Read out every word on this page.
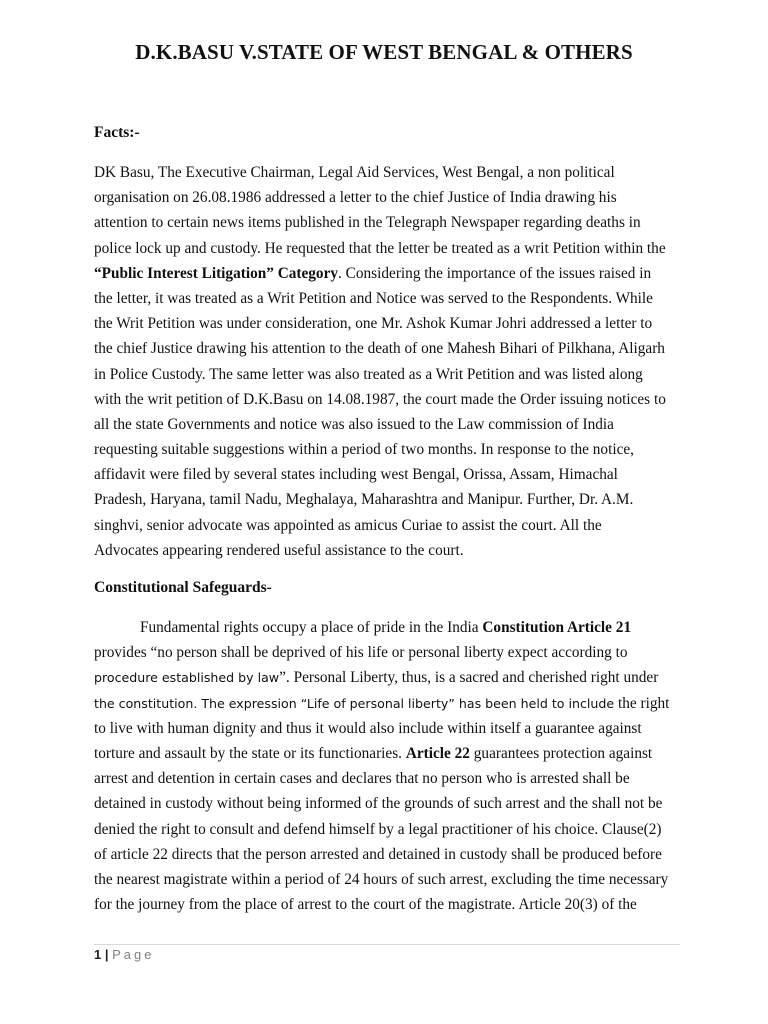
D.K.BASU V.STATE OF WEST BENGAL & OTHERS
Facts:-
DK Basu, The Executive Chairman, Legal Aid Services, West Bengal, a non political
organisation on 26.08.1986 addressed a letter to the chief Justice of India drawing his
attention to certain news items published in the Telegraph Newspaper regarding deaths in
police lock up and custody. He requested that the letter be treated as a writ Petition within the
“Public Interest Litigation” Category. Considering the importance of the issues raised in
the letter, it was treated as a Writ Petition and Notice was served to the Respondents. While
the Writ Petition was under consideration, one Mr. Ashok Kumar Johri addressed a letter to
the chief Justice drawing his attention to the death of one Mahesh Bihari of Pilkhana, Aligarh
in Police Custody. The same letter was also treated as a Writ Petition and was listed along
with the writ petition of D.K.Basu on 14.08.1987, the court made the Order issuing notices to
all the state Governments and notice was also issued to the Law commission of India
requesting suitable suggestions within a period of two months. In response to the notice,
affidavit were filed by several states including west Bengal, Orissa, Assam, Himachal
Pradesh, Haryana, tamil Nadu, Meghalaya, Maharashtra and Manipur. Further, Dr. A.M.
singhvi, senior advocate was appointed as amicus Curiae to assist the court. All the
Advocates appearing rendered useful assistance to the court.
Constitutional Safeguards-
Fundamental rights occupy a place of pride in the India Constitution Article 21
provides “no person shall be deprived of his life or personal liberty expect according to
procedure established by law”. Personal Liberty, thus, is a sacred and cherished right under
the constitution. The expression “Life of personal liberty” has been held to include the right
to live with human dignity and thus it would also include within itself a guarantee against
torture and assault by the state or its functionaries. Article 22 guarantees protection against
arrest and detention in certain cases and declares that no person who is arrested shall be
detained in custody without being informed of the grounds of such arrest and the shall not be
denied the right to consult and defend himself by a legal practitioner of his choice. Clause(2)
of article 22 directs that the person arrested and detained in custody shall be produced before
the nearest magistrate within a period of 24 hours of such arrest, excluding the time necessary
for the journey from the place of arrest to the court of the magistrate. Article 20(3) of the
1 | Page
